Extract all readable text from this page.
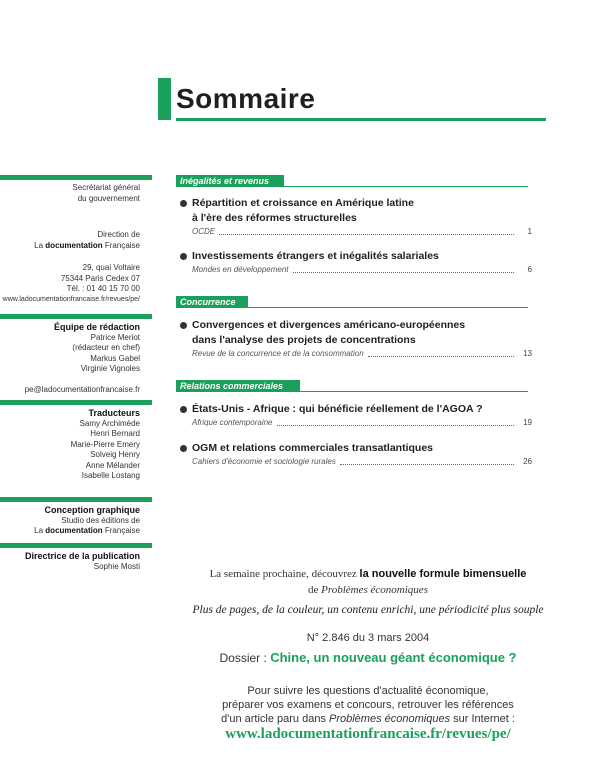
Sommaire
Secrétariat général
du gouvernement
Direction de
La documentation Française
29, quai Voltaire
75344 Paris Cedex 07
Tél. : 01 40 15 70 00
www.ladocumentationfrancaise.fr/revues/pe/
Équipe de rédaction
Patrice Meriot
(rédacteur en chef)
Markus Gabel
Virginie Vignoles
pe@ladocumentationfrancaise.fr
Traducteurs
Samy Archimède
Henri Bernard
Marie-Pierre Emery
Solveig Henry
Anne Mélander
Isabelle Lostang
Conception graphique
Studio des éditions de
La documentation Française
Directrice de la publication
Sophie Mosti
Inégalités et revenus
Répartition et croissance en Amérique latine
à l'ère des réformes structurelles
OCDE	1
Investissements étrangers et inégalités salariales
Mondes en développement	6
Concurrence
Convergences et divergences américano-européennes
dans l'analyse des projets de concentrations
Revue de la concurrence et de la consommation	13
Relations commerciales
États-Unis - Afrique : qui bénéficie réellement de l'AGOA ?
Afrique contemporaine	19
OGM et relations commerciales transatlantiques
Cahiers d'économie et sociologie rurales	26
La semaine prochaine, découvrez la nouvelle formule bimensuelle
de Problèmes économiques
Plus de pages, de la couleur, un contenu enrichi, une périodicité plus souple
N° 2.846 du 3 mars 2004
Dossier : Chine, un nouveau géant économique ?
Pour suivre les questions d'actualité économique,
préparer vos examens et concours, retrouver les références
d'un article paru dans Problèmes économiques sur Internet :
www.ladocumentationfrancaise.fr/revues/pe/
